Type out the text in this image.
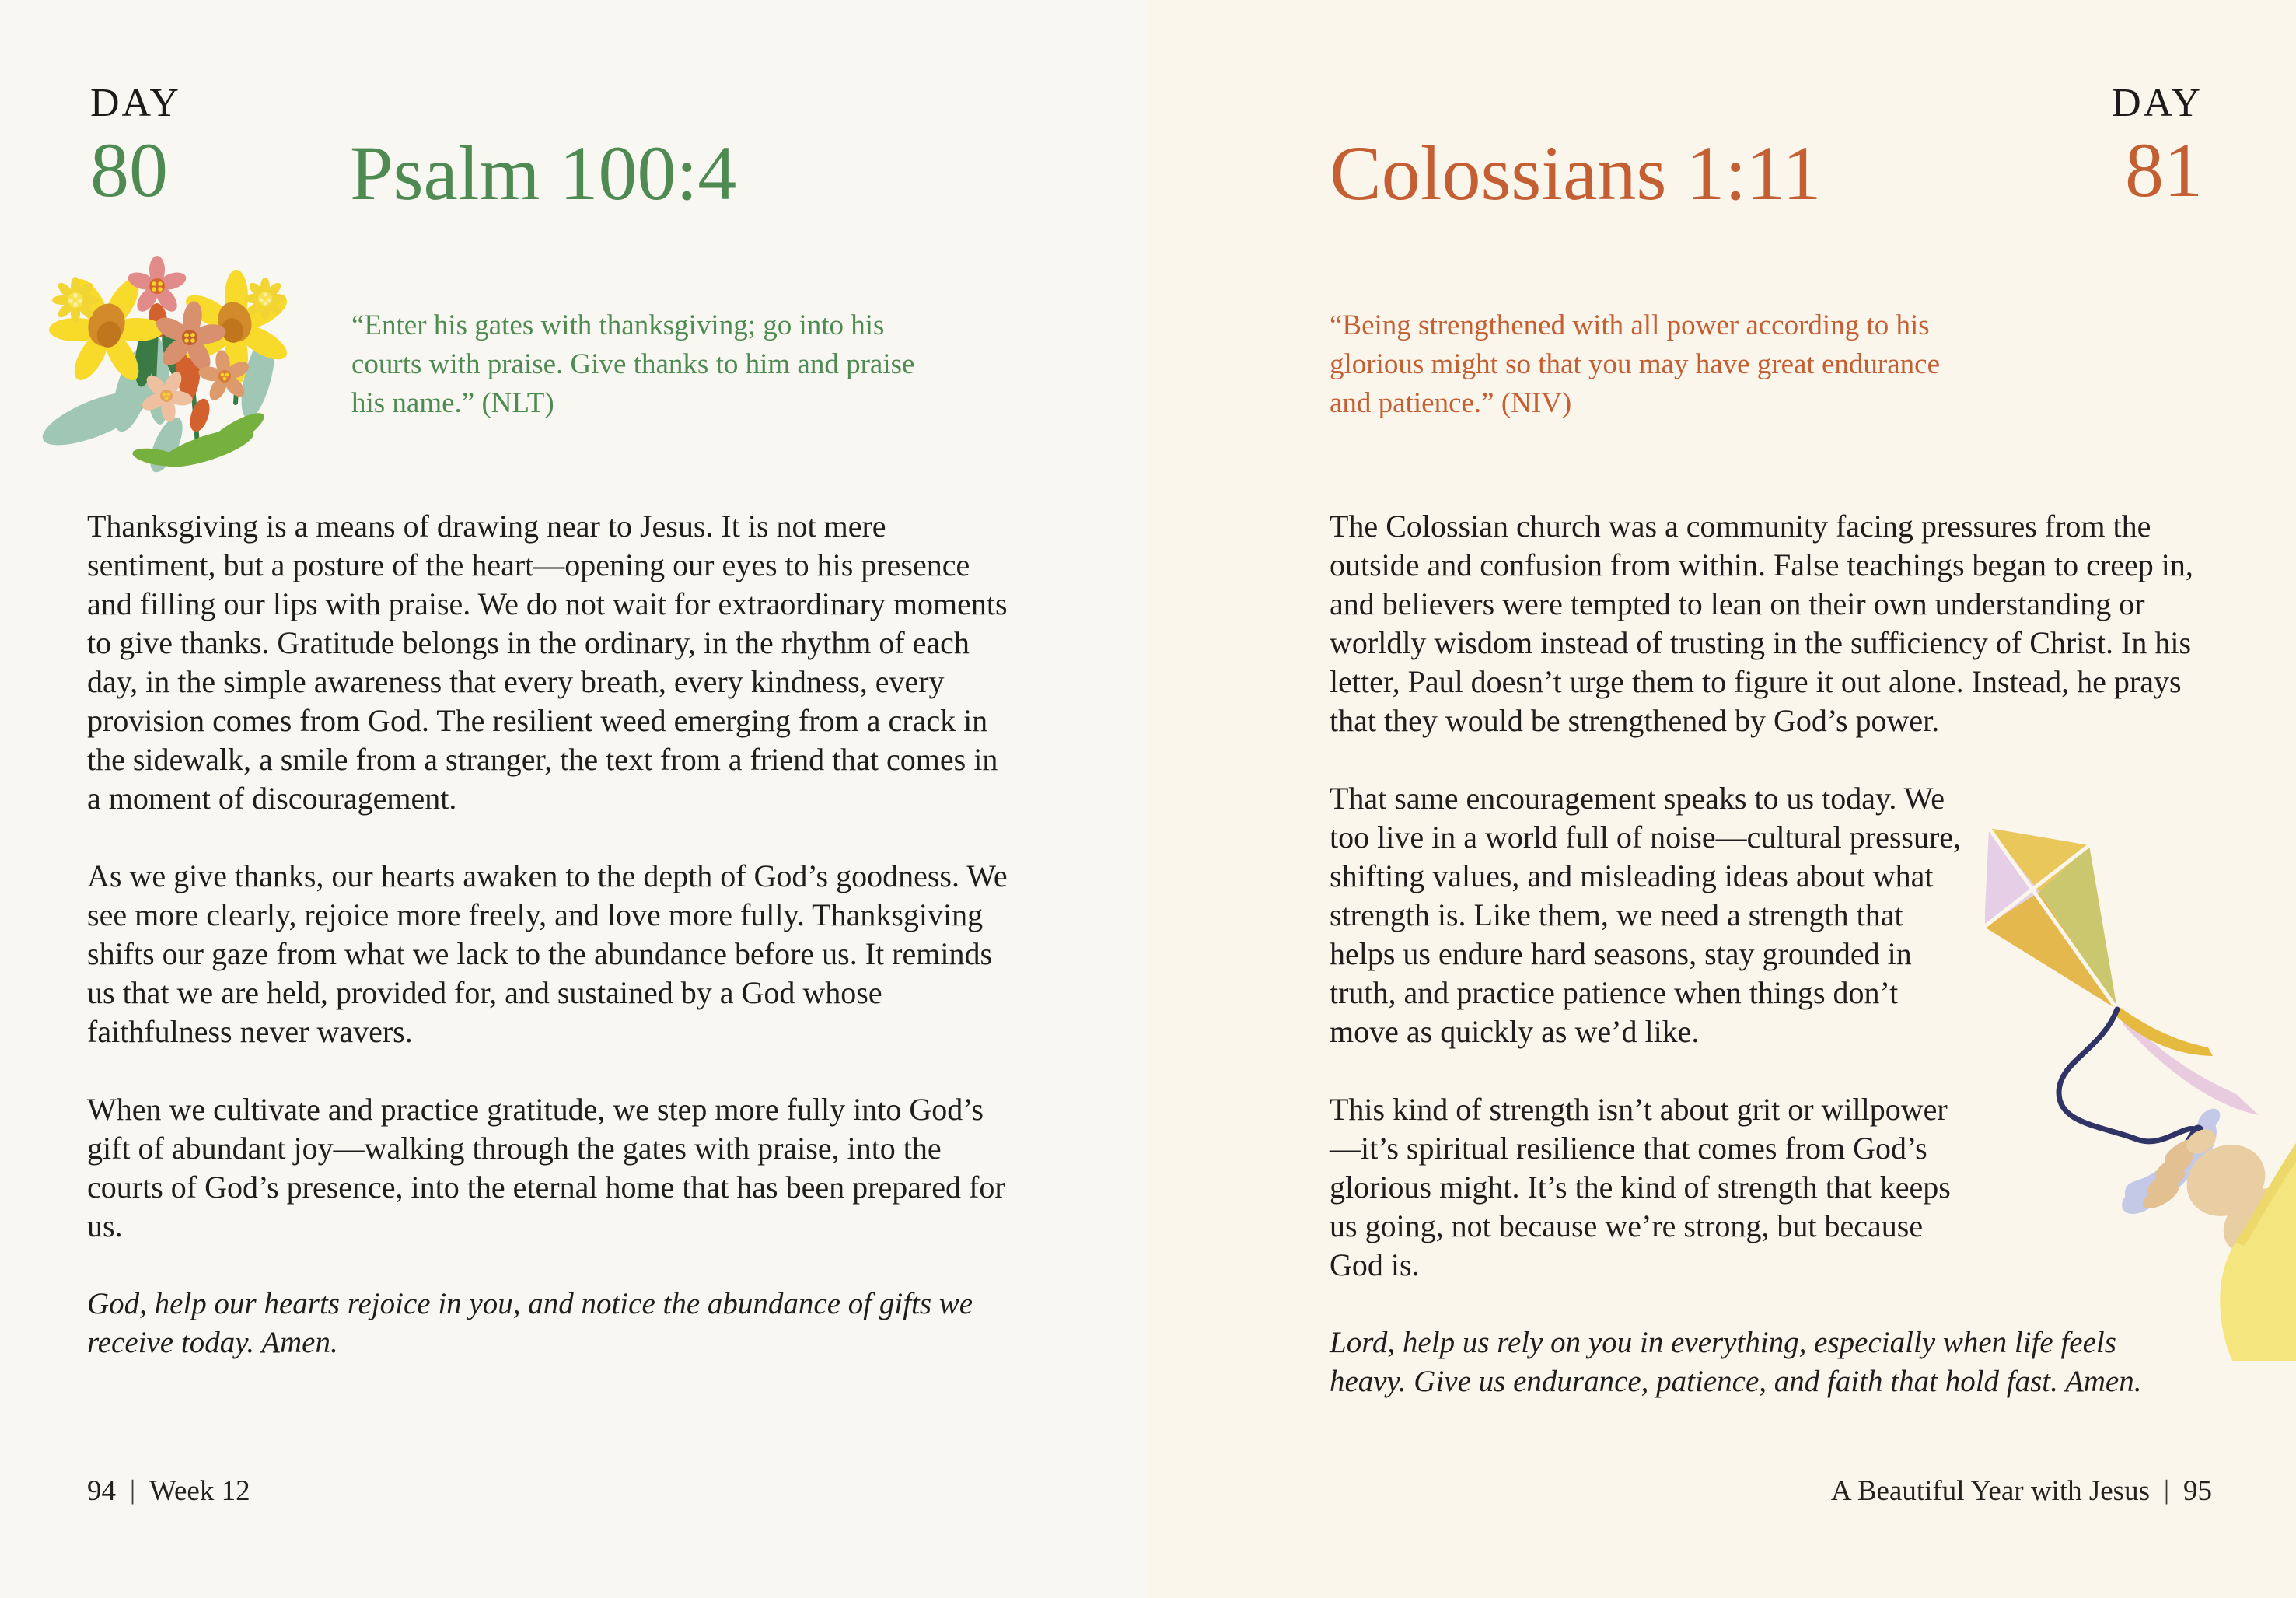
DAY
80 Psalm 100:4

“Enter his gates with thanksgiving; go into his courts with praise. Give thanks to him and praise his name.” (NLT)

Thanksgiving is a means of drawing near to Jesus. It is not mere sentiment, but a posture of the heart—opening our eyes to his presence and filling our lips with praise. We do not wait for extraordinary moments to give thanks. Gratitude belongs in the ordinary, in the rhythm of each day, in the simple awareness that every breath, every kindness, every provision comes from God. The resilient weed emerging from a crack in the sidewalk, a smile from a stranger, the text from a friend that comes in a moment of discouragement.

As we give thanks, our hearts awaken to the depth of God’s goodness. We see more clearly, rejoice more freely, and love more fully. Thanksgiving shifts our gaze from what we lack to the abundance before us. It reminds us that we are held, provided for, and sustained by a God whose faithfulness never wavers.

When we cultivate and practice gratitude, we step more fully into God’s gift of abundant joy—walking through the gates with praise, into the courts of God’s presence, into the eternal home that has been prepared for us.

God, help our hearts rejoice in you, and notice the abundance of gifts we receive today. Amen.

94 | Week 12
Colossians 1:11
DAY
81

“Being strengthened with all power according to his glorious might so that you may have great endurance and patience.” (NIV)

The Colossian church was a community facing pressures from the outside and confusion from within. False teachings began to creep in, and believers were tempted to lean on their own understanding or worldly wisdom instead of trusting in the sufficiency of Christ. In his letter, Paul doesn’t urge them to figure it out alone. Instead, he prays that they would be strengthened by God’s power.

That same encouragement speaks to us today. We too live in a world full of noise—cultural pressure, shifting values, and misleading ideas about what strength is. Like them, we need a strength that helps us endure hard seasons, stay grounded in truth, and practice patience when things don’t move as quickly as we’d like.

This kind of strength isn’t about grit or willpower—it’s spiritual resilience that comes from God’s glorious might. It’s the kind of strength that keeps us going, not because we’re strong, but because God is.

Lord, help us rely on you in everything, especially when life feels heavy. Give us endurance, patience, and faith that hold fast. Amen.

A Beautiful Year with Jesus | 95
